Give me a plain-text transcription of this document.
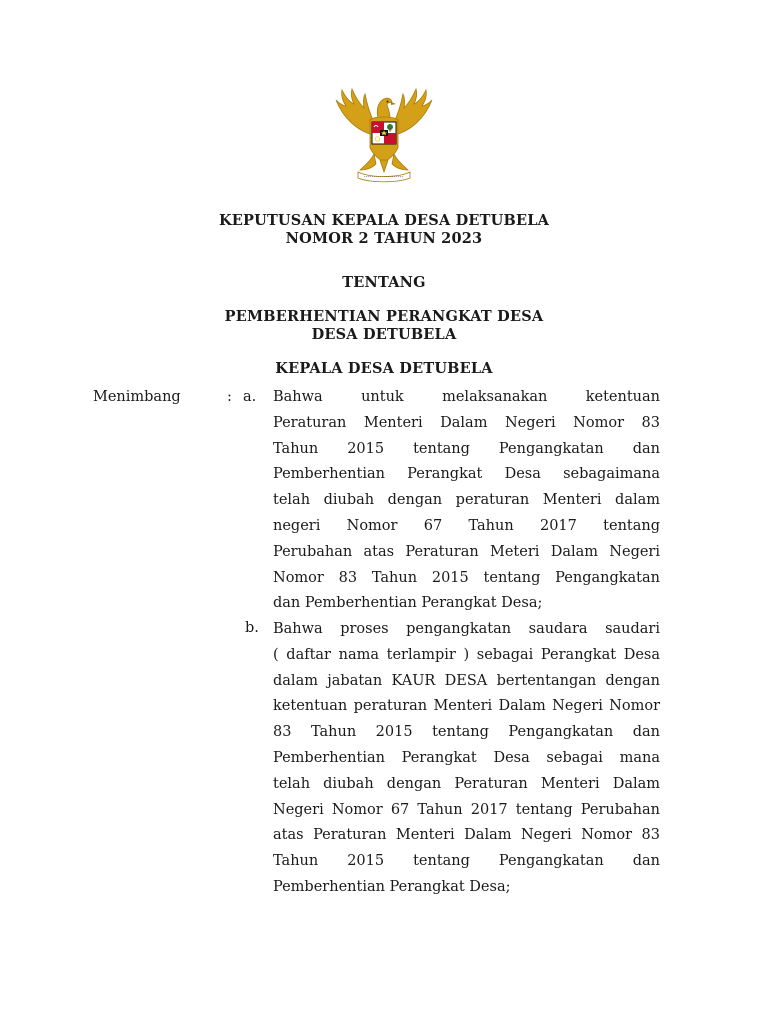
KEPUTUSAN KEPALA DESA DETUBELA
NOMOR 2 TAHUN 2023
TENTANG
PEMBERHENTIAN PERANGKAT DESA
DESA DETUBELA
KEPALA DESA DETUBELA
Menimbang	: a. Bahwa untuk melaksanakan ketentuan
Peraturan Menteri Dalam Negeri Nomor 83
Tahun 2015 tentang Pengangkatan dan
Pemberhentian Perangkat Desa sebagaimana
telah diubah dengan peraturan Menteri dalam
negeri Nomor 67 Tahun 2017 tentang
Perubahan atas Peraturan Meteri Dalam Negeri
Nomor 83 Tahun 2015 tentang Pengangkatan
dan Pemberhentian Perangkat Desa;
b. Bahwa proses pengangkatan saudara saudari
( daftar nama terlampir ) sebagai Perangkat Desa
dalam jabatan KAUR DESA bertentangan dengan
ketentuan peraturan Menteri Dalam Negeri Nomor
83 Tahun 2015 tentang Pengangkatan dan
Pemberhentian Perangkat Desa sebagai mana
telah diubah dengan Peraturan Menteri Dalam
Negeri Nomor 67 Tahun 2017 tentang Perubahan
atas Peraturan Menteri Dalam Negeri Nomor 83
Tahun 2015 tentang Pengangkatan dan
Pemberhentian Perangkat Desa;
